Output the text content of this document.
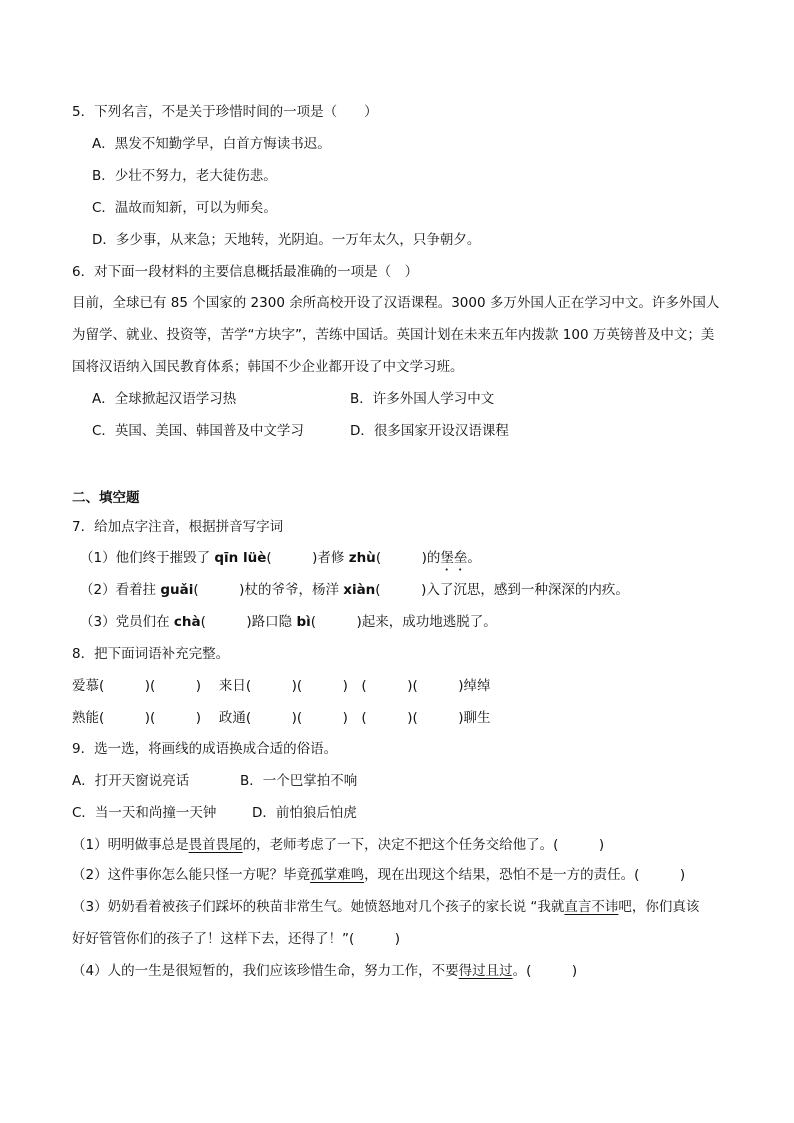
5．下列名言，不是关于珍惜时间的一项是（　　）
A．黑发不知勤学早，白首方悔读书迟。
B．少壮不努力，老大徒伤悲。
C．温故而知新，可以为师矣。
D．多少事，从来急；天地转，光阴迫。一万年太久，只争朝夕。
6．对下面一段材料的主要信息概括最准确的一项是（　）
目前，全球已有 85 个国家的 2300 余所高校开设了汉语课程。3000 多万外国人正在学习中文。许多外国人
为留学、就业、投资等，苦学“方块字”，苦练中国话。英国计划在未来五年内拨款 100 万英镑普及中文；美
国将汉语纳入国民教育体系；韩国不少企业都开设了中文学习班。
A．全球掀起汉语学习热	B．许多外国人学习中文
C．英国、美国、韩国普及中文学习	D．很多国家开设汉语课程
二、填空题
7．给加点字注音，根据拼音写字词
（1）他们终于摧毁了 qīn lüè(　　　)者修 zhù(　　　)的堡垒。
（2）看着拄 guǎi(　　　)杖的爷爷，杨洋 xiàn(　　　)入了沉思，感到一种深深的内疚。
（3）党员们在 chà(　　　)路口隐 bì(　　　)起来，成功地逃脱了。
8．把下面词语补充完整。
爱慕(　　　)(　　　)　 来日(　　　)(　　　)　(　　　)(　　　)绰绰
熟能(　　　)(　　　)　 政通(　　　)(　　　)　(　　　)(　　　)聊生
9．选一选，将画线的成语换成合适的俗语。
A．打开天窗说亮话	B．一个巴掌拍不响
C．当一天和尚撞一天钟	D．前怕狼后怕虎
（1）明明做事总是畏首畏尾的，老师考虑了一下，决定不把这个任务交给他了。(　　　)
（2）这件事你怎么能只怪一方呢？毕竟孤掌难鸣，现在出现这个结果，恐怕不是一方的责任。(　　　)
（3）奶奶看着被孩子们踩坏的秧苗非常生气。她愤怒地对几个孩子的家长说 “我就直言不讳吧，你们真该
好好管管你们的孩子了！这样下去，还得了！”(　　　)
（4）人的一生是很短暂的，我们应该珍惜生命，努力工作，不要得过且过。(　　　)
